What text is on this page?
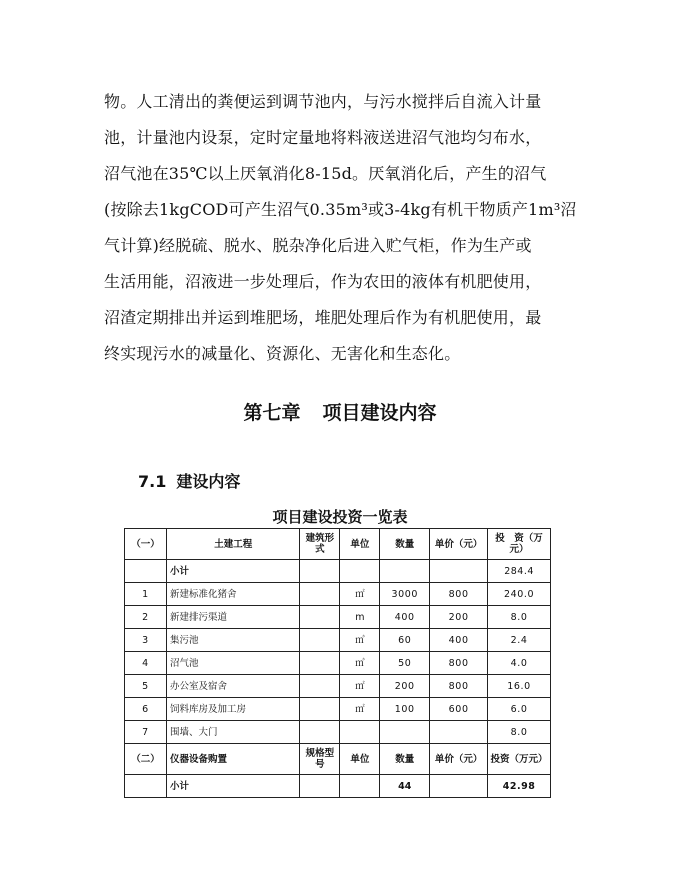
物。人工清出的粪便运到调节池内，与污水搅拌后自流入计量
池，计量池内设泵，定时定量地将料液送进沼气池均匀布水，
沼气池在35℃以上厌氧消化8-15d。厌氧消化后，产生的沼气
(按除去1kgCOD可产生沼气0.35m³或3-4kg有机干物质产1m³沼
气计算)经脱硫、脱水、脱杂净化后进入贮气柜，作为生产或
生活用能，沼液进一步处理后，作为农田的液体有机肥使用，
沼渣定期排出并运到堆肥场，堆肥处理后作为有机肥使用，最
终实现污水的减量化、资源化、无害化和生态化。
第七章 项目建设内容
7.1 建设内容
项目建设投资一览表
（一）	土建工程	建筑形式	单位	数量	单价（元）	投　资（万元）
	小计					284.4
1	新建标准化猪舍		㎡	3000	800	240.0
2	新建排污渠道		m	400	200	8.0
3	集污池		㎥	60	400	2.4
4	沼气池		㎥	50	800	4.0
5	办公室及宿舍		㎡	200	800	16.0
6	饲料库房及加工房		㎡	100	600	6.0
7	围墙、大门					8.0
（二）	仪器设备购置	规格型号	单位	数量	单价（元）	投资（万元）
	小计			44		42.98
